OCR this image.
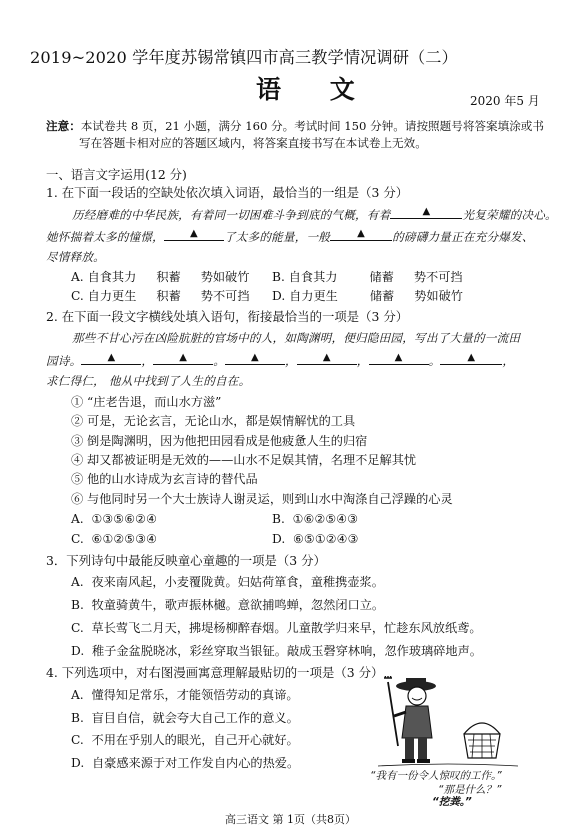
2019~2020 学年度苏锡常镇四市高三教学情况调研（二）
语 文	2020 年5 月
注意：本试卷共 8 页，21 小题，满分 160 分。考试时间 150 分钟。请按照题号将答案填涂或书
写在答题卡相对应的答题区域内，将答案直接书写在本试卷上无效。
一、语言文字运用(12 分)
1. 在下面一段话的空缺处依次填入词语，最恰当的一组是（3 分）
历经磨难的中华民族，有着同一切困难斗争到底的气概，有着	▲	光复荣耀的决心。
她怀揣着太多的憧憬，	▲ 了太多的能量，一般	▲ 的磅礴力量正在充分爆发、
尽情释放。
A. 自食其力 积蓄 势如破竹 B. 自食其力	储蓄 势不可挡
C. 自力更生 积蓄 势不可挡 D. 自力更生	储蓄 势如破竹
2. 在下面一段文字横线处填入语句，衔接最恰当的一项是（3 分）
那些不甘心污在凶险肮脏的官场中的人，如陶渊明，便归隐田园，写出了大量的一流田
园诗。	▲ ，	▲ 。	▲ ，	▲ ，	▲ 。	▲ ，
求仁得仁， 他从中找到了人生的自在。
① “庄老告退，而山水方滋”
② 可是，无论玄言，无论山水，都是娱情解忧的工具
③ 倒是陶渊明，因为他把田园看成是他疲惫人生的归宿
④ 却又都被证明是无效的——山水不足娱其情，名理不足解其忧
⑤ 他的山水诗成为玄言诗的替代品
⑥ 与他同时另一个大士族诗人谢灵运，则到山水中淘涤自己浮躁的心灵
A. ①③⑤⑥②④	B. ①⑥②⑤④③
C. ⑥①②⑤③④	D. ⑥⑤①②④③
3．下列诗句中最能反映童心童趣的一项是（3 分）
A. 夜来南风起，小麦覆陇黄。妇姑荷箪食，童稚携壶浆。
B. 牧童骑黄牛，歌声振林樾。意欲捕鸣蝉，忽然闭口立。
C. 草长莺飞二月天，拂堤杨柳醉春烟。儿童散学归来早，忙趁东风放纸鸢。
D. 稚子金盆脱晓冰，彩丝穿取当银钲。敲成玉磬穿林响，忽作玻璃碎地声。
4. 下列选项中，对右图漫画寓意理解最贴切的一项是（3 分）
A. 懂得知足常乐，才能领悟劳动的真谛。
B. 盲目自信，就会夸大自己工作的意义。
C. 不用在乎别人的眼光，自己开心就好。
D. 自豪感来源于对工作发自内心的热爱。
“我有一份令人惊叹的工作。”
“那是什么？”
“挖粪。”
高三语文 第 1页（共8页）
